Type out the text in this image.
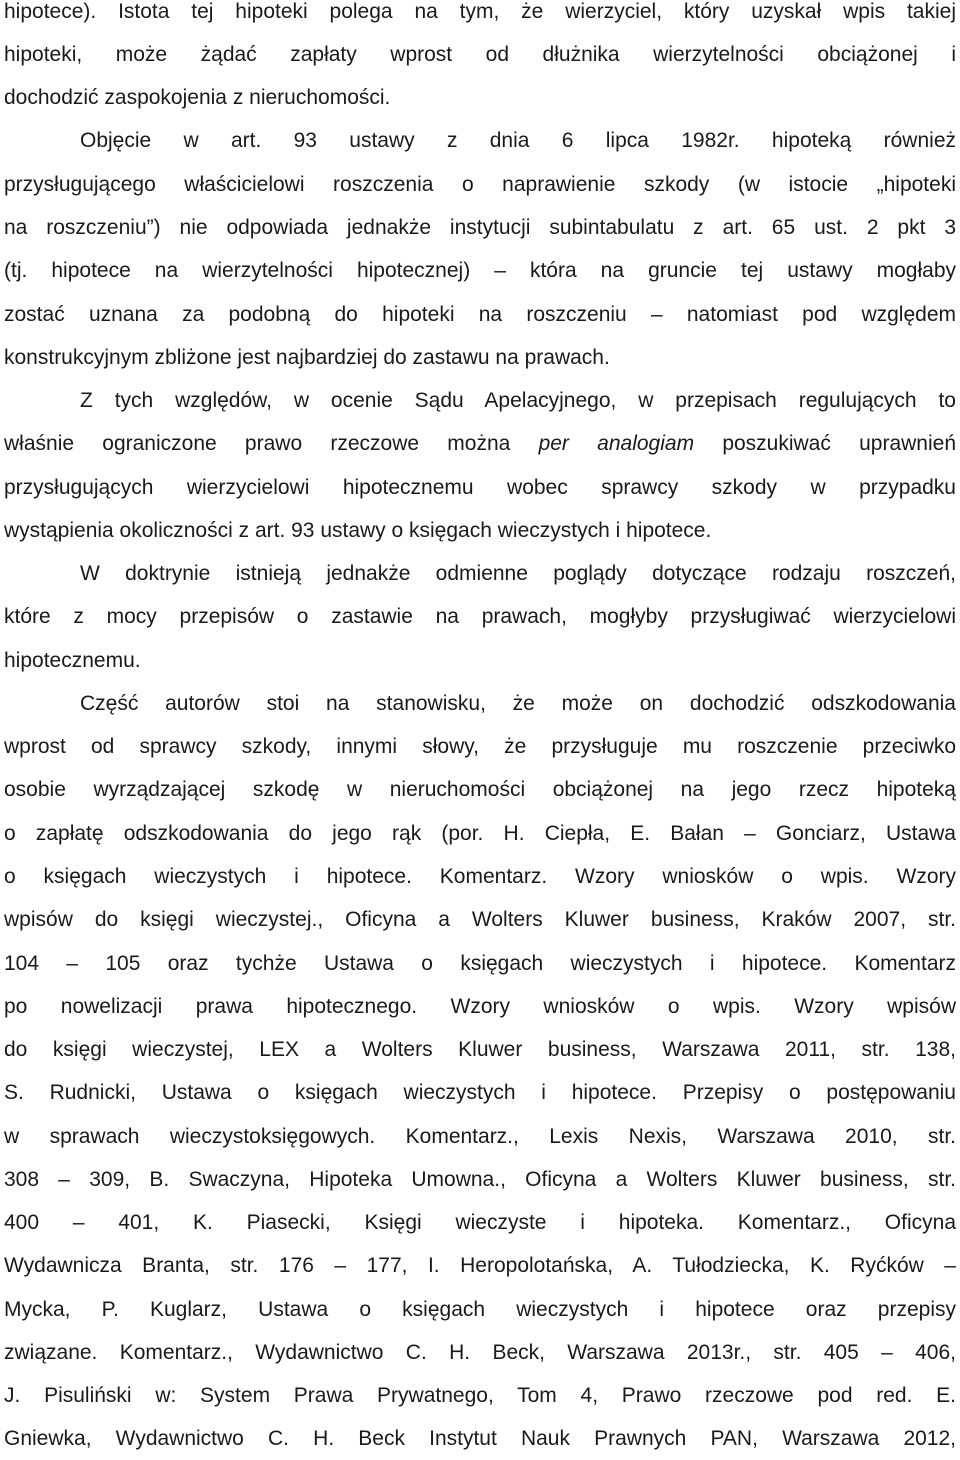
hipotece). Istota tej hipoteki polega na tym, że wierzyciel, który uzyskał wpis takiej
hipoteki, może żądać zapłaty wprost od dłużnika wierzytelności obciążonej i
dochodzić zaspokojenia z nieruchomości.
Objęcie w art. 93 ustawy z dnia 6 lipca 1982r. hipoteką również
przysługującego właścicielowi roszczenia o naprawienie szkody (w istocie „hipoteki
na roszczeniu”) nie odpowiada jednakże instytucji subintabulatu z art. 65 ust. 2 pkt 3
(tj. hipotece na wierzytelności hipotecznej) – która na gruncie tej ustawy mogłaby
zostać uznana za podobną do hipoteki na roszczeniu – natomiast pod względem
konstrukcyjnym zbliżone jest najbardziej do zastawu na prawach.
Z tych względów, w ocenie Sądu Apelacyjnego, w przepisach regulujących to
właśnie ograniczone prawo rzeczowe można per analogiam poszukiwać uprawnień
przysługujących wierzycielowi hipotecznemu wobec sprawcy szkody w przypadku
wystąpienia okoliczności z art. 93 ustawy o księgach wieczystych i hipotece.
W doktrynie istnieją jednakże odmienne poglądy dotyczące rodzaju roszczeń,
które z mocy przepisów o zastawie na prawach, mogłyby przysługiwać wierzycielowi
hipotecznemu.
Część autorów stoi na stanowisku, że może on dochodzić odszkodowania
wprost od sprawcy szkody, innymi słowy, że przysługuje mu roszczenie przeciwko
osobie wyrządzającej szkodę w nieruchomości obciążonej na jego rzecz hipoteką
o zapłatę odszkodowania do jego rąk (por. H. Ciepła, E. Bałan – Gonciarz, Ustawa
o księgach wieczystych i hipotece. Komentarz. Wzory wniosków o wpis. Wzory
wpisów do księgi wieczystej., Oficyna a Wolters Kluwer business, Kraków 2007, str.
104 – 105 oraz tychże Ustawa o księgach wieczystych i hipotece. Komentarz
po nowelizacji prawa hipotecznego. Wzory wniosków o wpis. Wzory wpisów
do księgi wieczystej, LEX a Wolters Kluwer business, Warszawa 2011, str. 138,
S. Rudnicki, Ustawa o księgach wieczystych i hipotece. Przepisy o postępowaniu
w sprawach wieczystoksięgowych. Komentarz., Lexis Nexis, Warszawa 2010, str.
308 – 309, B. Swaczyna, Hipoteka Umowna., Oficyna a Wolters Kluwer business, str.
400 – 401, K. Piasecki, Księgi wieczyste i hipoteka. Komentarz., Oficyna
Wydawnicza Branta, str. 176 – 177, I. Heropolotańska, A. Tułodziecka, K. Ryćków –
Mycka, P. Kuglarz, Ustawa o księgach wieczystych i hipotece oraz przepisy
związane. Komentarz., Wydawnictwo C. H. Beck, Warszawa 2013r., str. 405 – 406,
J. Pisuliński w: System Prawa Prywatnego, Tom 4, Prawo rzeczowe pod red. E.
Gniewka, Wydawnictwo C. H. Beck Instytut Nauk Prawnych PAN, Warszawa 2012,
